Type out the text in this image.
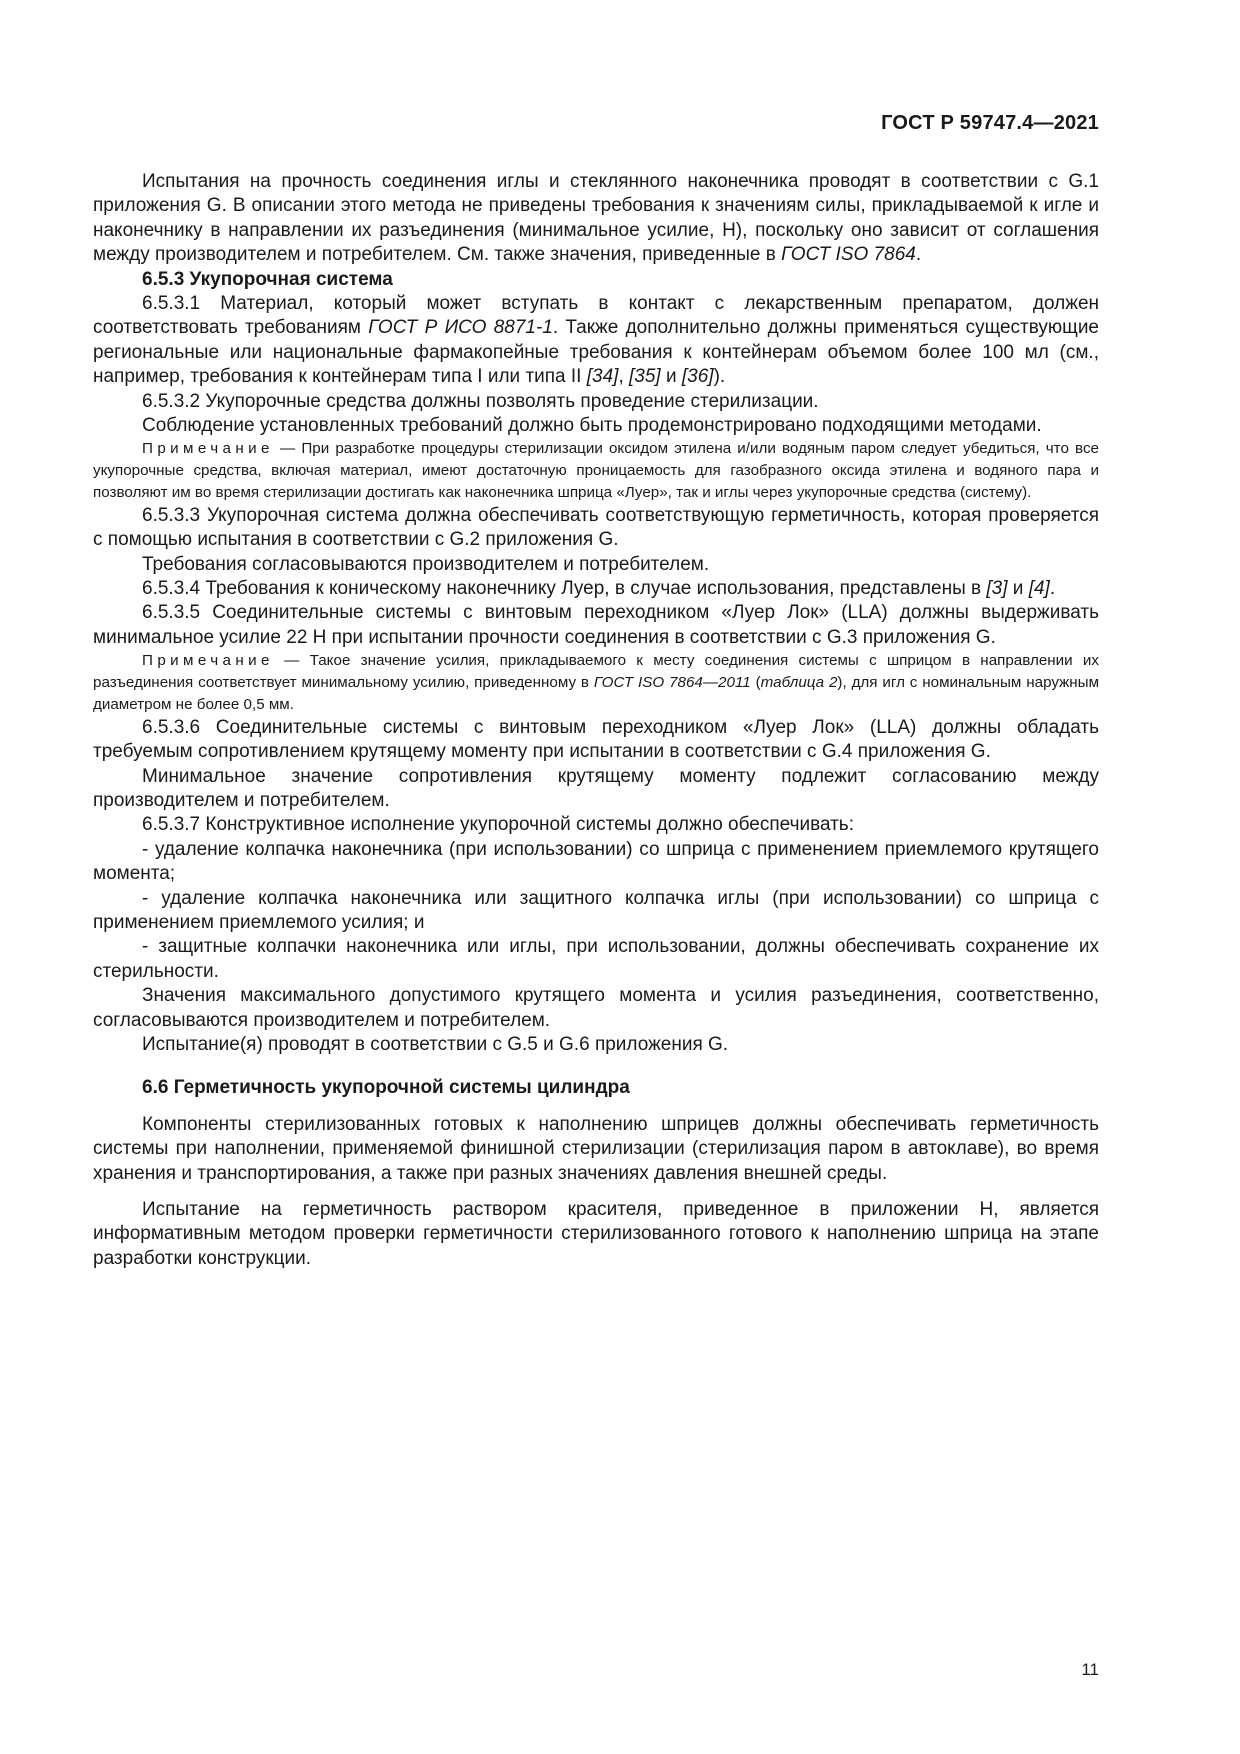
ГОСТ Р 59747.4—2021

Испытания на прочность соединения иглы и стеклянного наконечника проводят в соответствии с G.1 приложения G. В описании этого метода не приведены требования к значениям силы, прикладываемой к игле и наконечнику в направлении их разъединения (минимальное усилие, Н), поскольку оно зависит от соглашения между производителем и потребителем. См. также значения, приведенные в ГОСТ ISO 7864.

6.5.3 Укупорочная система

6.5.3.1 Материал, который может вступать в контакт с лекарственным препаратом, должен соответствовать требованиям ГОСТ Р ИСО 8871-1. Также дополнительно должны применяться существующие региональные или национальные фармакопейные требования к контейнерам объемом более 100 мл (см., например, требования к контейнерам типа I или типа II [34], [35] и [36]).

6.5.3.2 Укупорочные средства должны позволять проведение стерилизации.

Соблюдение установленных требований должно быть продемонстрировано подходящими методами.

Примечание — При разработке процедуры стерилизации оксидом этилена и/или водяным паром следует убедиться, что все укупорочные средства, включая материал, имеют достаточную проницаемость для газобразного оксида этилена и водяного пара и позволяют им во время стерилизации достигать как наконечника шприца «Луер», так и иглы через укупорочные средства (систему).

6.5.3.3 Укупорочная система должна обеспечивать соответствующую герметичность, которая проверяется с помощью испытания в соответствии с G.2 приложения G.

Требования согласовываются производителем и потребителем.

6.5.3.4 Требования к коническому наконечнику Луер, в случае использования, представлены в [3] и [4].

6.5.3.5 Соединительные системы с винтовым переходником «Луер Лок» (LLA) должны выдерживать минимальное усилие 22 Н при испытании прочности соединения в соответствии с G.3 приложения G.

Примечание — Такое значение усилия, прикладываемого к месту соединения системы с шприцом в направлении их разъединения соответствует минимальному усилию, приведенному в ГОСТ ISO 7864—2011 (таблица 2), для игл с номинальным наружным диаметром не более 0,5 мм.

6.5.3.6 Соединительные системы с винтовым переходником «Луер Лок» (LLA) должны обладать требуемым сопротивлением крутящему моменту при испытании в соответствии с G.4 приложения G.

Минимальное значение сопротивления крутящему моменту подлежит согласованию между производителем и потребителем.

6.5.3.7 Конструктивное исполнение укупорочной системы должно обеспечивать:

- удаление колпачка наконечника (при использовании) со шприца с применением приемлемого крутящего момента;

- удаление колпачка наконечника или защитного колпачка иглы (при использовании) со шприца с применением приемлемого усилия; и

- защитные колпачки наконечника или иглы, при использовании, должны обеспечивать сохранение их стерильности.

Значения максимального допустимого крутящего момента и усилия разъединения, соответственно, согласовываются производителем и потребителем.

Испытание(я) проводят в соответствии с G.5 и G.6 приложения G.

6.6 Герметичность укупорочной системы цилиндра

Компоненты стерилизованных готовых к наполнению шприцев должны обеспечивать герметичность системы при наполнении, применяемой финишной стерилизации (стерилизация паром в автоклаве), во время хранения и транспортирования, а также при разных значениях давления внешней среды.

Испытание на герметичность раствором красителя, приведенное в приложении Н, является информативным методом проверки герметичности стерилизованного готового к наполнению шприца на этапе разработки конструкции.

11
